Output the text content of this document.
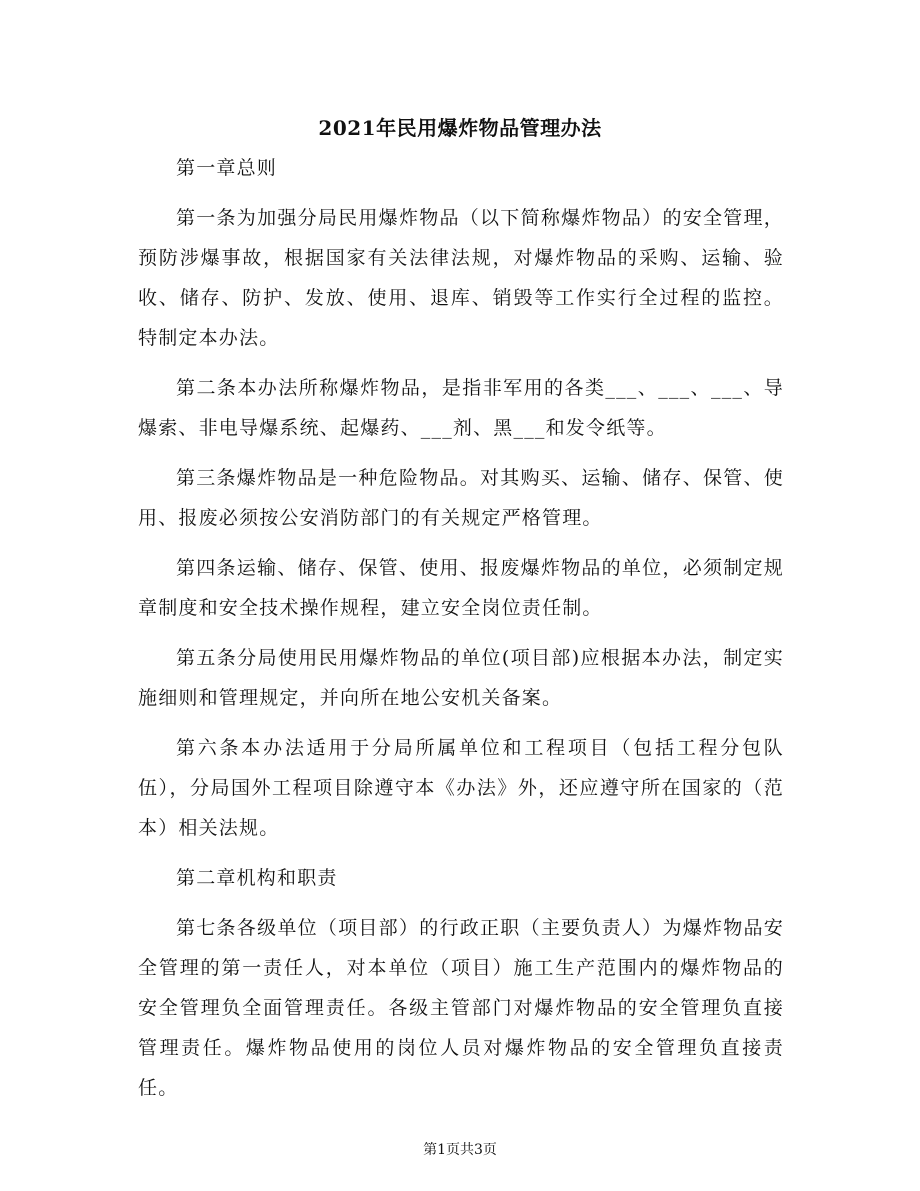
2021年民用爆炸物品管理办法

第一章总则

第一条为加强分局民用爆炸物品（以下简称爆炸物品）的安全管理，预防涉爆事故，根据国家有关法律法规，对爆炸物品的采购、运输、验收、储存、防护、发放、使用、退库、销毁等工作实行全过程的监控。特制定本办法。

第二条本办法所称爆炸物品，是指非军用的各类___、___、___、导爆索、非电导爆系统、起爆药、___剂、黑___和发令纸等。

第三条爆炸物品是一种危险物品。对其购买、运输、储存、保管、使用、报废必须按公安消防部门的有关规定严格管理。

第四条运输、储存、保管、使用、报废爆炸物品的单位，必须制定规章制度和安全技术操作规程，建立安全岗位责任制。

第五条分局使用民用爆炸物品的单位(项目部)应根据本办法，制定实施细则和管理规定，并向所在地公安机关备案。

第六条本办法适用于分局所属单位和工程项目（包括工程分包队伍），分局国外工程项目除遵守本《办法》外，还应遵守所在国家的（范本）相关法规。

第二章机构和职责

第七条各级单位（项目部）的行政正职（主要负责人）为爆炸物品安全管理的第一责任人，对本单位（项目）施工生产范围内的爆炸物品的安全管理负全面管理责任。各级主管部门对爆炸物品的安全管理负直接管理责任。爆炸物品使用的岗位人员对爆炸物品的安全管理负直接责任。

第1页共3页
